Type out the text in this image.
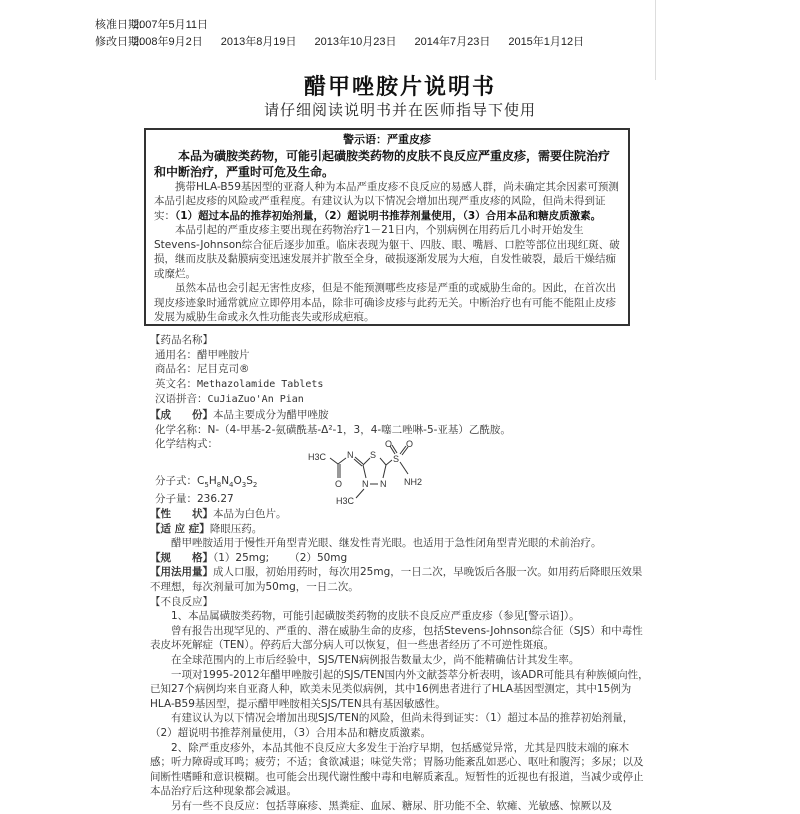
核准日期:
2007年5月11日
修改日期:
2008年9月2日 2013年8月19日 2013年10月23日 2014年7月23日 2015年1月12日
醋甲唑胺片说明书
请仔细阅读说明书并在医师指导下使用
警示语：严重皮疹
本品为磺胺类药物，可能引起磺胺类药物的皮肤不良反应严重皮疹，需要住院治疗和中断治疗，严重时可危及生命。

携带HLA-B59基因型的亚裔人种为本品严重皮疹不良反应的易感人群，尚未确定其余因素可预测本品引起皮疹的风险或严重程度。有建议认为以下情况会增加出现严重皮疹的风险，但尚未得到证实：（1）超过本品的推荐初始剂量，（2）超说明书推荐剂量使用，（3）合用本品和糖皮质激素。

本品引起的严重皮疹主要出现在药物治疗1－21日内，个别病例在用药后几小时开始发生Stevens-Johnson综合征后逐步加重。临床表现为躯干、四肢、眼、嘴唇、口腔等部位出现红斑、破损，继而皮肤及黏膜病变迅速发展并扩散至全身，破损逐渐发展为大疱，自发性破裂，最后干燥结痂或糜烂。

虽然本品也会引起无害性皮疹，但是不能预测哪些皮疹是严重的或威胁生命的。因此，在首次出现皮疹迹象时通常就应立即停用本品，除非可确诊皮疹与此药无关。中断治疗也有可能不能阻止皮疹发展为威胁生命或永久性功能丧失或形成疤痕。

【药品名称】

通用名：醋甲唑胺片

商品名：尼目克司®

英文名：Methazolamide Tablets

汉语拼音：CuJiaZuo'An Pian

【成　　份】本品主要成分为醋甲唑胺

化学名称：N-（4-甲基-2-氨磺酰基-Δ²-1，3，4-噻二唑啉-5-亚基）乙酰胺。

化学结构式：

分子式：$C_5H_8N_4O_3S_2$

分子量：236.27

【性　　状】本品为白色片。

【适 应 症】降眼压药。

醋甲唑胺适用于慢性开角型青光眼、继发性青光眼。也适用于急性闭角型青光眼的术前治疗。

【规　　格】（1）25mg; （2）50mg

【用法用量】成人口服，初始用药时，每次用25mg，一日二次，早晚饭后各服一次。如用药后降眼压效果不理想，每次剂量可加为50mg，一日二次。

【不良反应】

1、本品属磺胺类药物，可能引起磺胺类药物的皮肤不良反应严重皮疹（参见[警示语]）。

曾有报告出现罕见的、严重的、潜在威胁生命的皮疹，包括Stevens-Johnson综合征（SJS）和中毒性表皮坏死解症（TEN）。停药后大部分病人可以恢复，但一些患者经历了不可逆性斑痕。

在全球范围内的上市后经验中，SJS/TEN病例报告数量太少，尚不能精确估计其发生率。

一项对1995-2012年醋甲唑胺引起的SJS/TEN国内外文献荟萃分析表明，该ADR可能具有种族倾向性，已知27个病例均来自亚裔人种，欧美未见类似病例，其中16例患者进行了HLA基因型测定，其中15例为HLA-B59基因型，提示醋甲唑胺相关SJS/TEN具有基因敏感性。

有建议认为以下情况会增加出现SJS/TEN的风险，但尚未得到证实：（1）超过本品的推荐初始剂量，（2）超说明书推荐剂量使用，（3）合用本品和糖皮质激素。

2、除严重皮疹外，本品其他不良反应大多发生于治疗早期，包括感觉异常，尤其是四肢末端的麻木感；听力障碍或耳鸣；疲劳；不适；食欲减退；味觉失常；胃肠功能紊乱如恶心、呕吐和腹泻；多尿；以及间断性嗜睡和意识模糊。也可能会出现代谢性酸中毒和电解质紊乱。短暂性的近视也有报道，当减少或停止本品治疗后这种现象都会减退。

另有一些不良反应：包括荨麻疹、黑粪症、血尿、糖尿、肝功能不全、软瘫、光敏感、惊厥以及

H3C N S S
O O
O N N NH2
H3C
